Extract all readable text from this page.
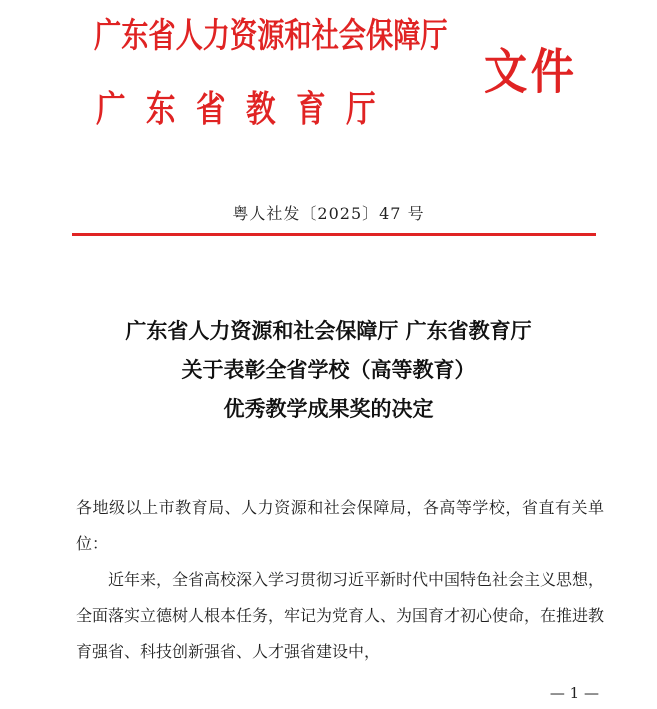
广东省人力资源和社会保障厅
广东省教育厅
文件
粤人社发〔2025〕47 号
广东省人力资源和社会保障厅 广东省教育厅
关于表彰全省学校（高等教育）
优秀教学成果奖的决定

各地级以上市教育局、人力资源和社会保障局，各高等学校，省直有关单位：

近年来，全省高校深入学习贯彻习近平新时代中国特色社会主义思想，全面落实立德树人根本任务，牢记为党育人、为国育才初心使命，在推进教育强省、科技创新强省、人才强省建设中，

— 1 —
